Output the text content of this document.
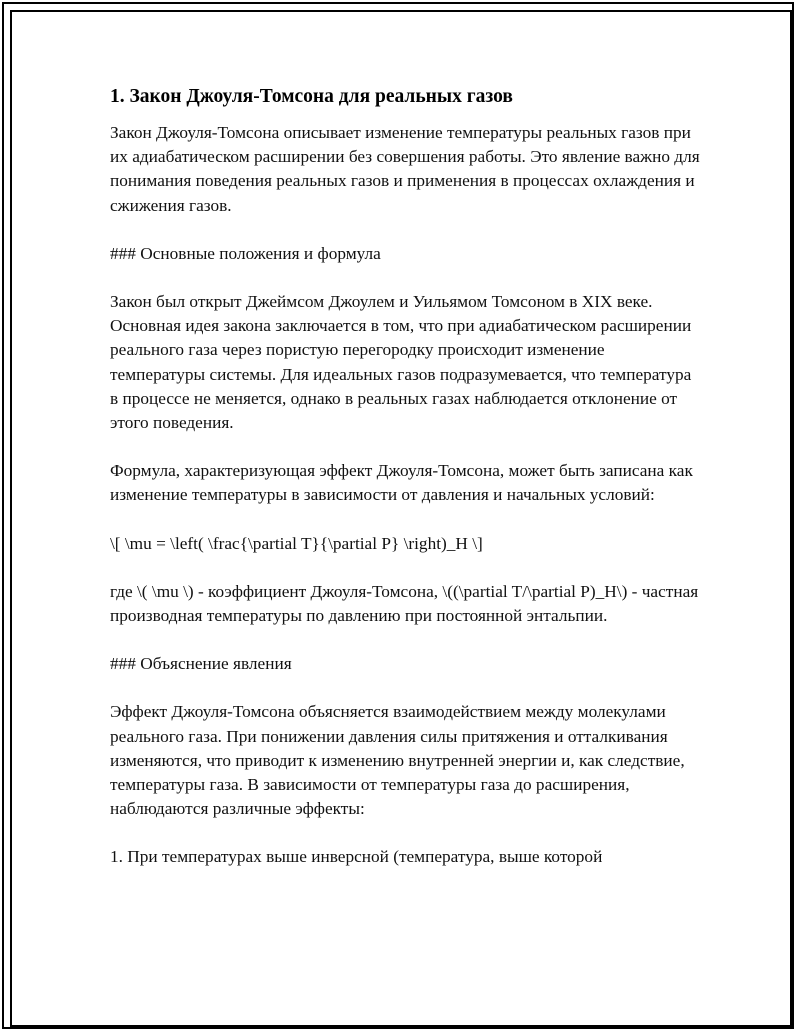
1. Закон Джоуля-Томсона для реальных газов

Закон Джоуля-Томсона описывает изменение температуры реальных газов при их адиабатическом расширении без совершения работы. Это явление важно для понимания поведения реальных газов и применения в процессах охлаждения и сжижения газов.

### Основные положения и формула

Закон был открыт Джеймсом Джоулем и Уильямом Томсоном в XIX веке. Основная идея закона заключается в том, что при адиабатическом расширении реального газа через пористую перегородку происходит изменение температуры системы. Для идеальных газов подразумевается, что температура в процессе не меняется, однако в реальных газах наблюдается отклонение от этого поведения.

Формула, характеризующая эффект Джоуля-Томсона, может быть записана как изменение температуры в зависимости от давления и начальных условий:

\[ \mu = \left( \frac{\partial T}{\partial P} \right)_H \]

где \( \mu \) - коэффициент Джоуля-Томсона, \((\partial T/\partial P)_H\) - частная производная температуры по давлению при постоянной энтальпии.

### Объяснение явления

Эффект Джоуля-Томсона объясняется взаимодействием между молекулами реального газа. При понижении давления силы притяжения и отталкивания изменяются, что приводит к изменению внутренней энергии и, как следствие, температуры газа. В зависимости от температуры газа до расширения, наблюдаются различные эффекты:

1. При температурах выше инверсной (температура, выше которой
